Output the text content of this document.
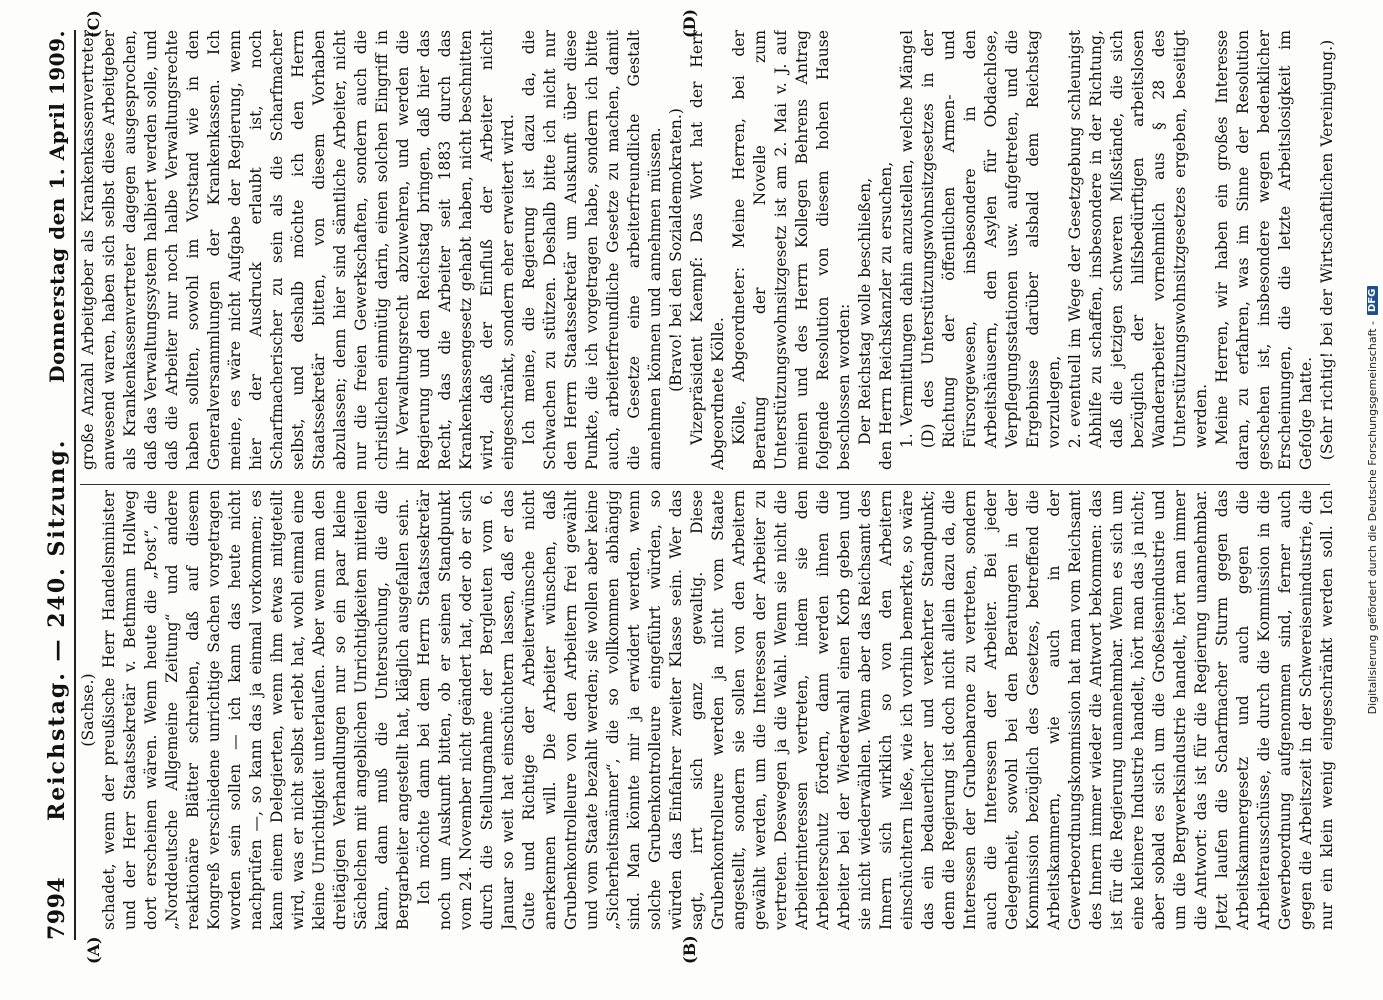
7994
Reichstag. — 240. Sitzung.
Donnerstag den 1. April 1909.
(A)	(B)
(C)	(D)

(Sachse.) schadet, wenn der preußische Herr Handelsminister und der Herr Staatssekretär v. Bethmann Hollweg dort erscheinen wären. Wenn heute die „Post“, die „Norddeutsche Allgemeine Zeitung“ und andere reaktionäre Blätter schreiben, daß auf diesem Kongreß verschiedene unrichtige Sachen vorgetragen worden sein sollen — ich kann das heute nicht nachprüfen —, so kann das ja einmal vorkommen; es kann einem Delegierten, wenn ihm etwas mitgeteilt wird, was er nicht selbst erlebt hat, wohl einmal eine kleine Unrichtigkeit unterlaufen. Aber wenn man den dreitägigen Verhandlungen nur so ein paar kleine Sächelchen mit angeblichen Unrichtigkeiten mitteilen kann, dann muß die Untersuchung, die die Bergarbeiter angestellt hat, kläglich ausgefallen sein. Ich möchte dann bei dem Herrn Staatssekretär noch um Auskunft bitten, ob er seinen Standpunkt vom 24. November nicht geändert hat, oder ob er sich durch die Stellungnahme der Bergleuten vom 6. Januar so weit hat einschüchtern lassen, daß er das Gute und Richtige der Arbeiterwünsche nicht anerkennen will. Die Arbeiter wünschen, daß Grubenkontrolleure von den Arbeitern frei gewählt und vom Staate bezahlt werden; sie wollen aber keine „Sicherheitsmänner“, die so vollkommen abhängig sind. Man könnte mir ja erwidert werden, wenn solche Grubenkontrolleure eingeführt würden, so würden das Einfahrer zweiter Klasse sein. Wer das sagt, irrt sich ganz gewaltig. Diese Grubenkontrolleure werden ja nicht vom Staate angestellt, sondern sie sollen von den Arbeitern gewählt werden, um die Interessen der Arbeiter zu vertreten. Deswegen ja die Wahl. Wenn sie nicht die Arbeiterinteressen vertreten, indem sie den Arbeiterschutz fördern, dann werden ihnen die Arbeiter bei der Wiederwahl einen Korb geben und sie nicht wiederwählen. Wenn aber das Reichsamt des Innern sich wirklich so von den Arbeitern einschüchtern ließe, wie ich vorhin bemerkte, so wäre das ein bedauerlicher und verkehrter Standpunkt; denn die Regierung ist doch nicht allein dazu da, die Interessen der Grubenbarone zu vertreten, sondern auch die Interessen der Arbeiter. Bei jeder Gelegenheit, sowohl bei den Beratungen in der Kommission bezüglich des Gesetzes, betreffend die Arbeitskammern, wie auch in der Gewerbeordnungskommission hat man vom Reichsamt des Innern immer wieder die Antwort bekommen: das ist für die Regierung unannehmbar. Wenn es sich um eine kleinere Industrie handelt, hört man das ja nicht; aber sobald es sich um die Großeisenindustrie und um die Bergwerksindustrie handelt, hört man immer die Antwort: das ist für die Regierung unannehmbar. Jetzt laufen die Scharfmacher Sturm gegen das Arbeitskammergesetz und auch gegen die Arbeiterausschüsse, die durch die Kommission in die Gewerbeordnung aufgenommen sind, ferner auch gegen die Arbeitszeit in der Schwereisenindustrie, die nur ein klein wenig eingeschränkt werden soll. Ich

große Anzahl Arbeitgeber als Krankenkassenvertreter anwesend waren, haben sich selbst diese Arbeitgeber als Krankenkassenvertreter dagegen ausgesprochen, daß das Verwaltungssystem halbiert werden solle, und daß die Arbeiter nur noch halbe Verwaltungsrechte haben sollten, sowohl im Vorstand wie in den Generalversammlungen der Krankenkassen. Ich meine, es wäre nicht Aufgabe der Regierung, wenn hier der Ausdruck erlaubt ist, noch Scharfmacherischer zu sein als die Scharfmacher selbst, und deshalb möchte ich den Herrn Staatssekretär bitten, von diesem Vorhaben abzulassen; denn hier sind sämtliche Arbeiter, nicht nur die freien Gewerkschaften, sondern auch die christlichen einmütig darin, einen solchen Eingriff in ihr Verwaltungsrecht abzuwehren, und werden die Regierung und den Reichstag bringen, daß hier das Recht, das die Arbeiter seit 1883 durch das Krankenkassengesetz gehabt haben, nicht beschnitten wird, daß der Einfluß der Arbeiter nicht eingeschränkt, sondern eher erweitert wird. Ich meine, die Regierung ist dazu da, die Schwachen zu stützen. Deshalb bitte ich nicht nur den Herrn Staatssekretär um Auskunft über diese Punkte, die ich vorgetragen habe, sondern ich bitte auch, arbeiterfreundliche Gesetze zu machen, damit die Gesetze eine arbeiterfreundliche Gestalt annehmen können und annehmen müssen. (Bravo! bei den Sozialdemokraten.) Vizepräsident Kaempf: Das Wort hat der Herr Abgeordnete Kölle. Kölle, Abgeordneter: Meine Herren, bei der Beratung der Novelle zum Unterstützungswohnsitzgesetz ist am 2. Mai v. J. auf meinen und des Herrn Kollegen Behrens Antrag folgende Resolution von diesem hohen Hause beschlossen worden: Der Reichstag wolle beschließen, den Herrn Reichskanzler zu ersuchen, 1. Vermittlungen dahin anzustellen, welche Mängel (D) des Unterstützungswohnsitzgesetzes in der Richtung der öffentlichen Armen- und Fürsorgewesen, insbesondere in den Arbeitshäusern, den Asylen für Obdachlose, Verpflegungsstationen usw. aufgetreten, und die Ergebnisse darüber alsbald dem Reichstag vorzulegen, 2. eventuell im Wege der Gesetzgebung schleunigst Abhilfe zu schaffen, insbesondere in der Richtung, daß die jetzigen schweren Mißstände, die sich bezüglich der hilfsbedürftigen arbeitslosen Wanderarbeiter vornehmlich aus § 28 des Unterstützungswohnsitzgesetzes ergeben, beseitigt werden. Meine Herren, wir haben ein großes Interesse daran, zu erfahren, was im Sinne der Resolution geschehen ist, insbesondere wegen bedenklicher Erscheinungen, die die letzte Arbeitslosigkeit im Gefolge hatte. (Sehr richtig! bei der Wirtschaftlichen Vereinigung.)

Digitalisierung gefördert durch die Deutsche Forschungsgemeinschaft -
DFG
